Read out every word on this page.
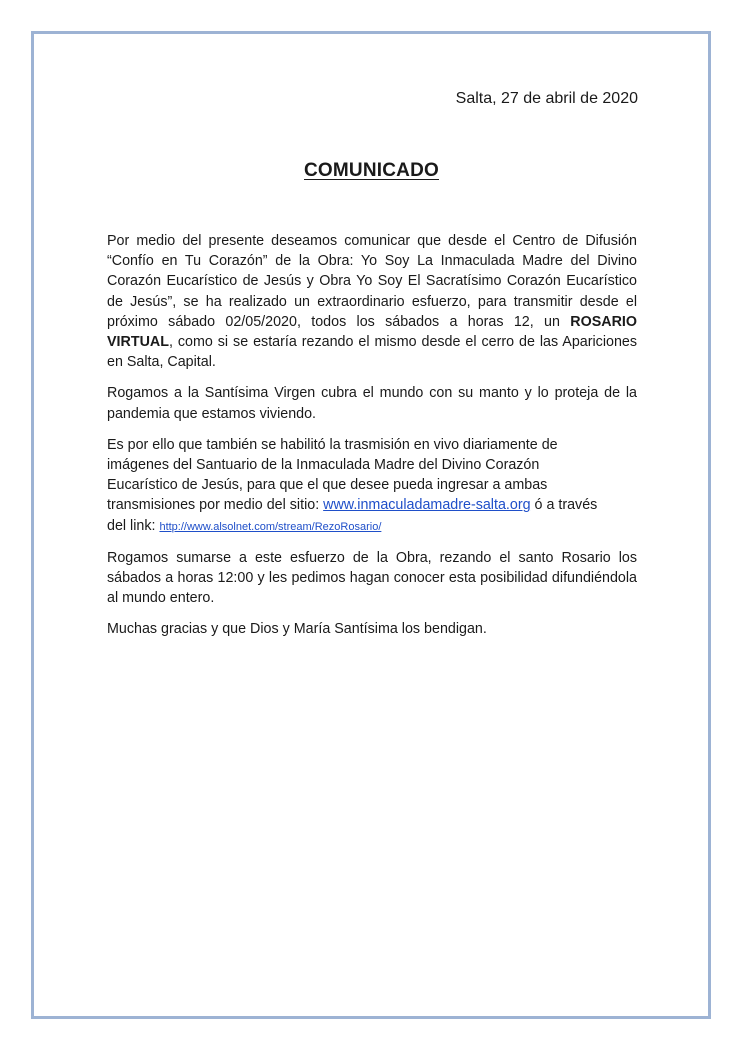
Salta, 27 de abril de 2020
COMUNICADO

Por medio del presente deseamos comunicar que desde el Centro de Difusión “Confío en Tu Corazón” de la Obra: Yo Soy La Inmaculada Madre del Divino Corazón Eucarístico de Jesús y Obra Yo Soy El Sacratísimo Corazón Eucarístico de Jesús”, se ha realizado un extraordinario esfuerzo, para transmitir desde el próximo sábado 02/05/2020, todos los sábados a horas 12, un ROSARIO VIRTUAL, como si se estaría rezando el mismo desde el cerro de las Apariciones en Salta, Capital.

Rogamos a la Santísima Virgen cubra el mundo con su manto y lo proteja de la pandemia que estamos viviendo.

Es por ello que también se habilitó la trasmisión en vivo diariamente de
imágenes del Santuario de la Inmaculada Madre del Divino Corazón
Eucarístico de Jesús, para que el que desee pueda ingresar a ambas
transmisiones por medio del sitio: www.inmaculadamadre-salta.org ó a través
del link: http://www.alsolnet.com/stream/RezoRosario/

Rogamos sumarse a este esfuerzo de la Obra, rezando el santo Rosario los sábados a horas 12:00 y les pedimos hagan conocer esta posibilidad difundiéndola al mundo entero.

Muchas gracias y que Dios y María Santísima los bendigan.
